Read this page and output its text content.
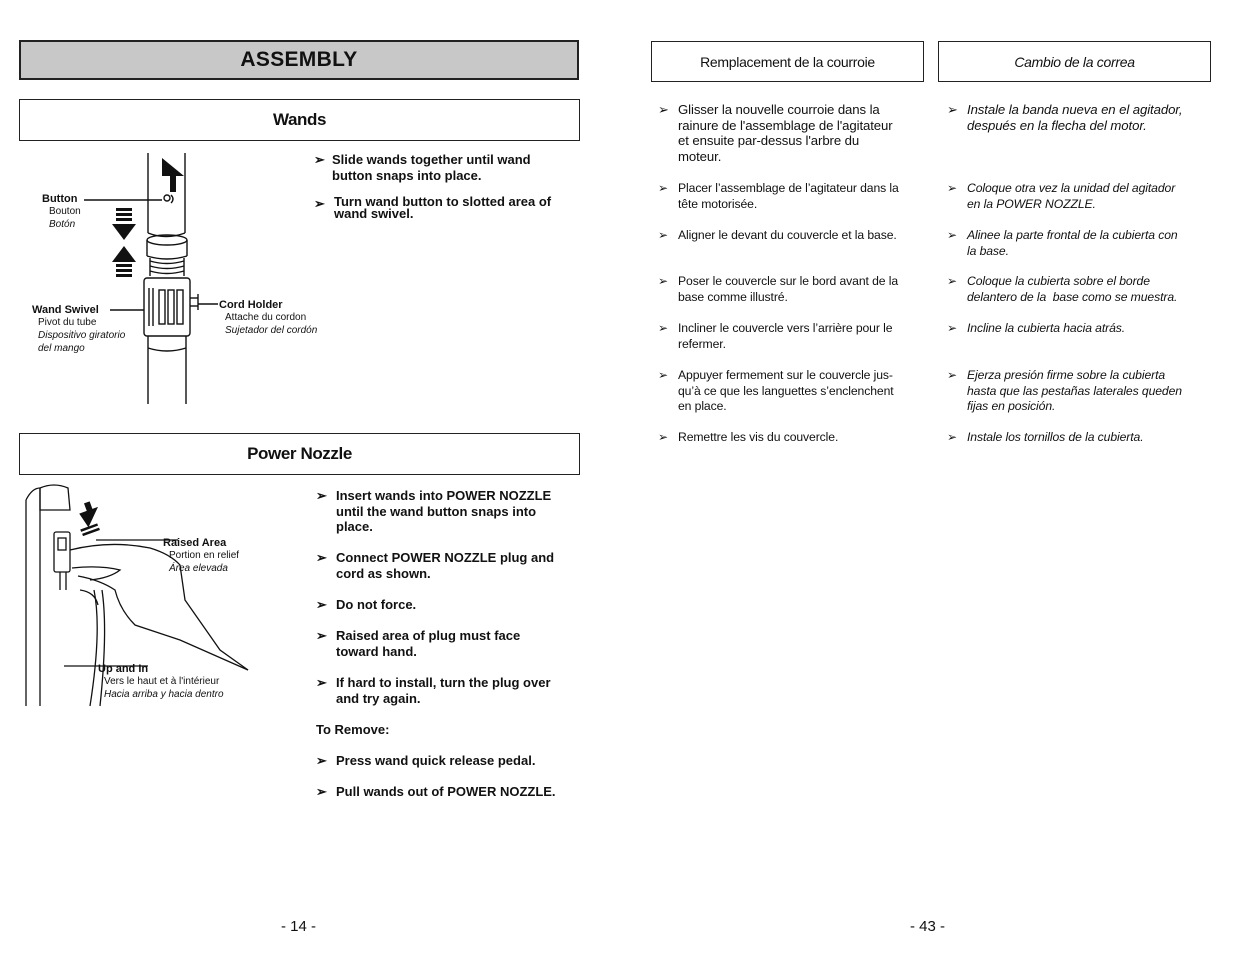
ASSEMBLY
Wands
Button
Bouton
Botón
Wand Swivel
Pivot du tube
Dispositivo giratorio
del mango
Cord Holder
Attache du cordon
Sujetador del cordón
➢ Slide wands together until wand
button snaps into place.
➢ Turn wand button to slotted area of
wand swivel.
Power Nozzle
Raised Area
Portion en relief
Área elevada
Up and In
Vers le haut et à l'intérieur
Hacia arriba y hacia dentro
➢ Insert wands into POWER NOZZLE
until the wand button snaps into
place.
➢ Connect POWER NOZZLE plug and
cord as shown.
➢ Do not force.
➢ Raised area of plug must face
toward hand.
➢ If hard to install, turn the plug over
and try again.
To Remove:
➢ Press wand quick release pedal.
➢ Pull wands out of POWER NOZZLE.
- 14 -
Remplacement de la courroie	Cambio de la correa
➢ Glisser la nouvelle courroie dans la
rainure de l'assemblage de l'agitateur
et ensuite par-dessus l'arbre du
moteur.
➢ Placer l’assemblage de l’agitateur dans la
tête motorisée.
➢ Aligner le devant du couvercle et la base.
➢ Poser le couvercle sur le bord avant de la
base comme illustré.
➢ Incliner le couvercle vers l’arrière pour le
refermer.
➢ Appuyer fermement sur le couvercle jus-
qu’à ce que les languettes s’enclenchent
en place.
➢ Remettre les vis du couvercle.
➢ Instale la banda nueva en el agitador,
después en la flecha del motor.
➢ Coloque otra vez la unidad del agitador
en la POWER NOZZLE.
➢ Alinee la parte frontal de la cubierta con
la base.
➢ Coloque la cubierta sobre el borde
delantero de la  base como se muestra.
➢ Incline la cubierta hacia atrás.
➢ Ejerza presión firme sobre la cubierta
hasta que las pestañas laterales queden
fijas en posición.
➢ Instale los tornillos de la cubierta.
- 43 -
